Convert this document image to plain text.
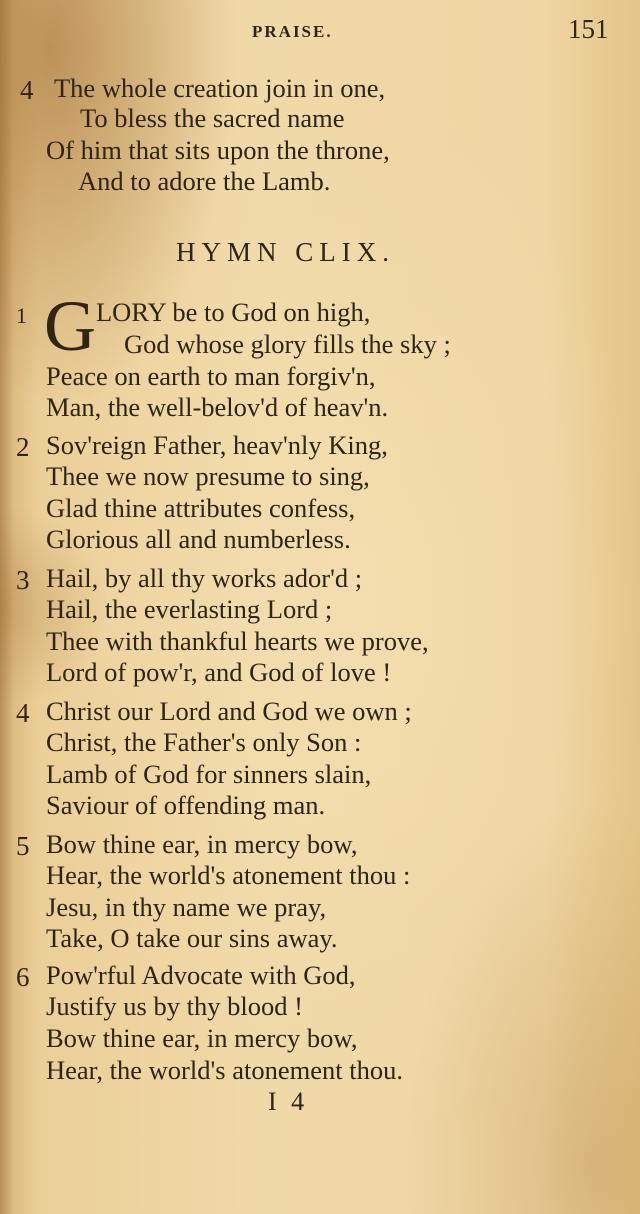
PRAISE.	151
4 The whole creation join in one,
To bless the sacred name
Of him that sits upon the throne,
And to adore the Lamb.
HYMN CLIX.
1 G LORY be to God on high,
God whose glory fills the sky ;
Peace on earth to man forgiv'n,
Man, the well-belov'd of heav'n.
2 Sov'reign Father, heav'nly King,
Thee we now presume to sing,
Glad thine attributes confess,
Glorious all and numberless.
3 Hail, by all thy works ador'd ;
Hail, the everlasting Lord ;
Thee with thankful hearts we prove,
Lord of pow'r, and God of love !
4 Christ our Lord and God we own ;
Christ, the Father's only Son :
Lamb of God for sinners slain,
Saviour of offending man.
5 Bow thine ear, in mercy bow,
Hear, the world's atonement thou :
Jesu, in thy name we pray,
Take, O take our sins away.
6 Pow'rful Advocate with God,
Justify us by thy blood !
Bow thine ear, in mercy bow,
Hear, the world's atonement thou.
I 4
